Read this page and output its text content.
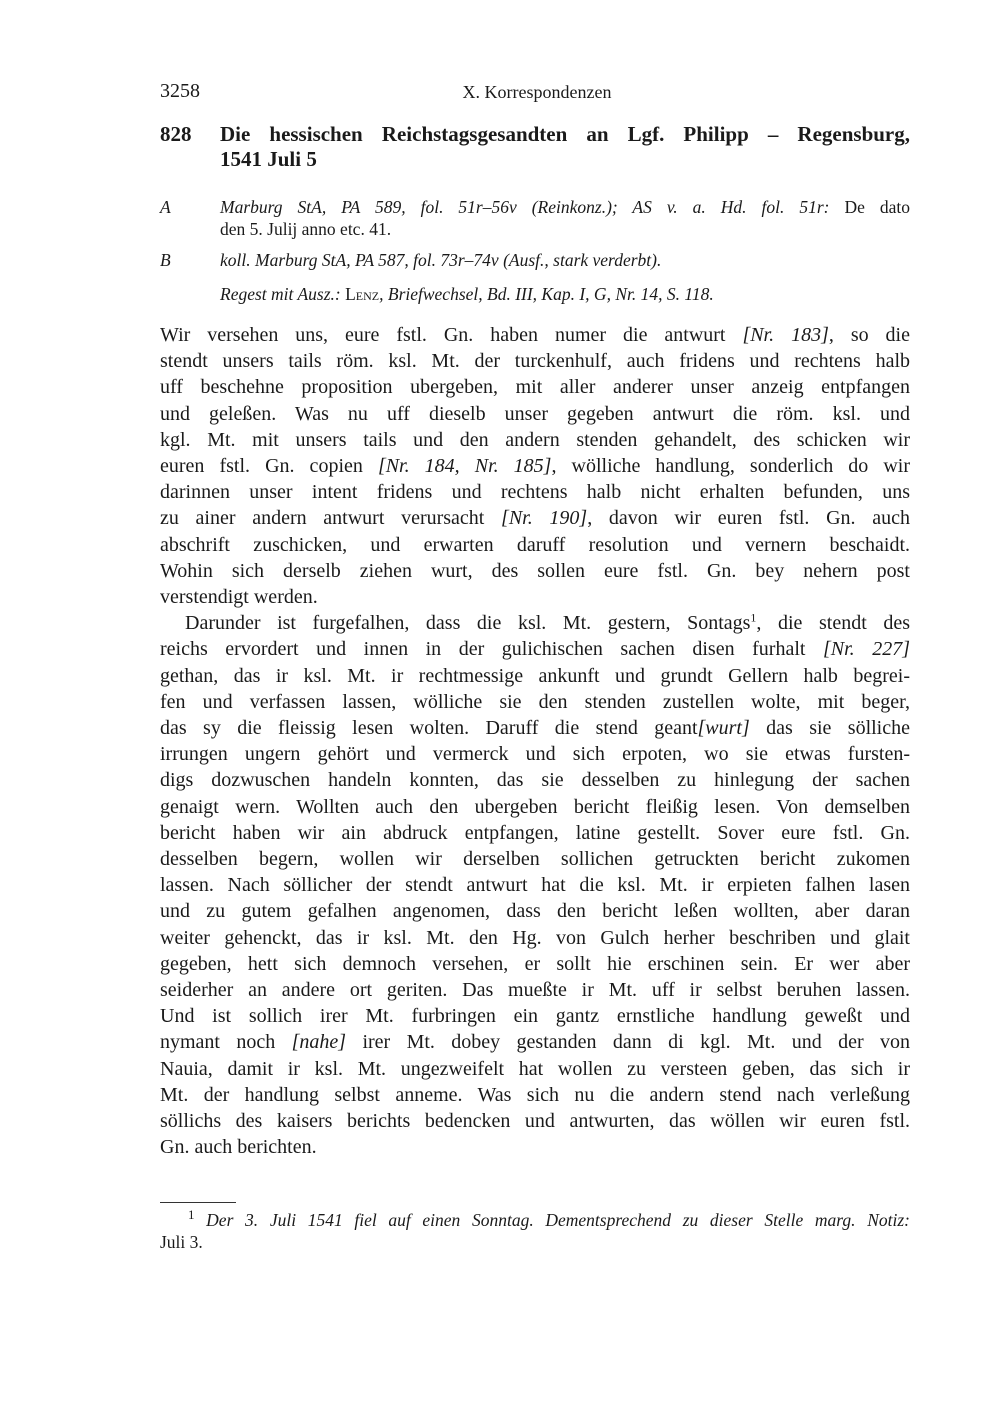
3258	X. Korrespondenzen
828 Die hessischen Reichstagsgesandten an Lgf. Philipp – Regensburg,
1541 Juli 5
A	Marburg StA, PA 589, fol. 51r–56v (Reinkonz.); AS v. a. Hd. fol. 51r: De dato
den 5. Julij anno etc. 41.
B	koll. Marburg StA, PA 587, fol. 73r–74v (Ausf., stark verderbt).
Regest mit Ausz.: Lenz, Briefwechsel, Bd. III, Kap. I, G, Nr. 14, S. 118.
Wir versehen uns, eure fstl. Gn. haben numer die antwurt [Nr. 183], so die
stendt unsers tails röm. ksl. Mt. der turckenhulf, auch fridens und rechtens halb
uff beschehne proposition ubergeben, mit aller anderer unser anzeig entpfangen
und geleßen. Was nu uff dieselb unser gegeben antwurt die röm. ksl. und
kgl. Mt. mit unsers tails und den andern stenden gehandelt, des schicken wir
euren fstl. Gn. copien [Nr. 184, Nr. 185], wölliche handlung, sonderlich do wir
darinnen unser intent fridens und rechtens halb nicht erhalten befunden, uns
zu ainer andern antwurt verursacht [Nr. 190], davon wir euren fstl. Gn. auch
abschrift zuschicken, und erwarten daruff resolution und vernern beschaidt.
Wohin sich derselb ziehen wurt, des sollen eure fstl. Gn. bey nehern post
verstendigt werden.
Darunder ist furgefalhen, dass die ksl. Mt. gestern, Sontags$^1$, die stendt des
reichs ervordert und innen in der gulichischen sachen disen furhalt [Nr. 227]
gethan, das ir ksl. Mt. ir rechtmessige ankunft und grundt Gellern halb begrei-
fen und verfassen lassen, wölliche sie den stenden zustellen wolte, mit beger,
das sy die fleissig lesen wolten. Daruff die stend geant[wurt] das sie sölliche
irrungen ungern gehört und vermerck und sich erpoten, wo sie etwas fursten-
digs dozwuschen handeln konnten, das sie desselben zu hinlegung der sachen
genaigt wern. Wollten auch den ubergeben bericht fleißig lesen. Von demselben
bericht haben wir ain abdruck entpfangen, latine gestellt. Sover eure fstl. Gn.
desselben begern, wollen wir derselben sollichen getruckten bericht zukomen
lassen. Nach söllicher der stendt antwurt hat die ksl. Mt. ir erpieten falhen lasen
und zu gutem gefalhen angenomen, dass den bericht leßen wollten, aber daran
weiter gehenckt, das ir ksl. Mt. den Hg. von Gulch herher beschriben und glait
gegeben, hett sich demnoch versehen, er sollt hie erschinen sein. Er wer aber
seiderher an andere ort geriten. Das mueßte ir Mt. uff ir selbst beruhen lassen.
Und ist sollich irer Mt. furbringen ein gantz ernstliche handlung geweßt und
nymant noch [nahe] irer Mt. dobey gestanden dann di kgl. Mt. und der von
Nauia, damit ir ksl. Mt. ungezweifelt hat wollen zu versteen geben, das sich ir
Mt. der handlung selbst anneme. Was sich nu die andern stend nach verleßung
söllichs des kaisers berichts bedencken und antwurten, das wöllen wir euren fstl.
Gn. auch berichten.
$^1$ Der 3. Juli 1541 fiel auf einen Sonntag. Dementsprechend zu dieser Stelle marg. Notiz:
Juli 3.
